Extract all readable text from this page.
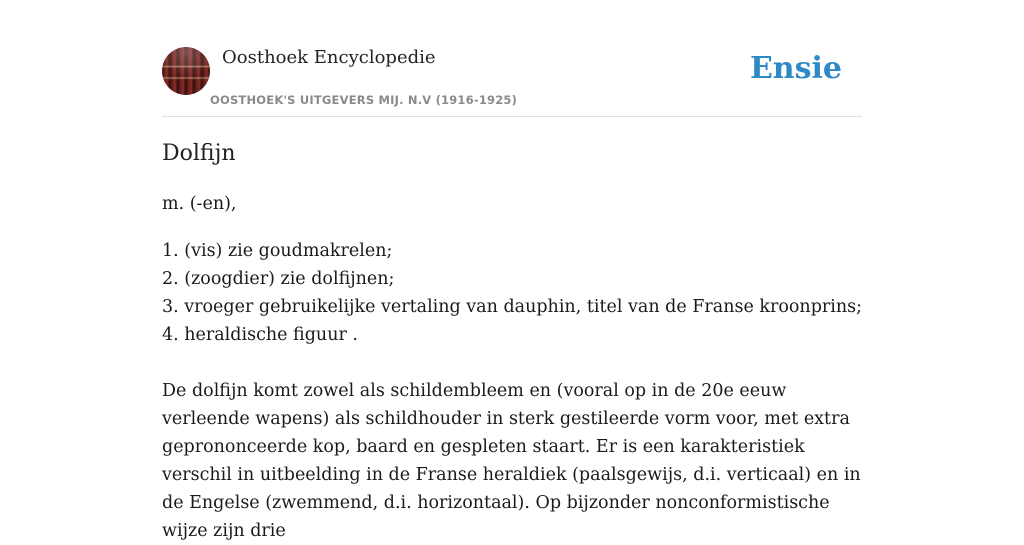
Oosthoek Encyclopedie
OOSTHOEK'S UITGEVERS MIJ. N.V (1916-1925)
Ensie
Dolfijn

m. (-en),

1. (vis) zie goudmakrelen;
2. (zoogdier) zie dolfijnen;
3. vroeger gebruikelijke vertaling van dauphin, titel van de Franse kroonprins;
4. heraldische figuur .

De dolfijn komt zowel als schildembleem en (vooral op in de 20e eeuw verleende wapens) als schildhouder in sterk gestileerde vorm voor, met extra geprononceerde kop, baard en gespleten staart. Er is een karakteristiek verschil in uitbeelding in de Franse heraldiek (paalsgewijs, d.i. verticaal) en in de Engelse (zwemmend, d.i. horizontaal). Op bijzonder nonconformistische wijze zijn drie
